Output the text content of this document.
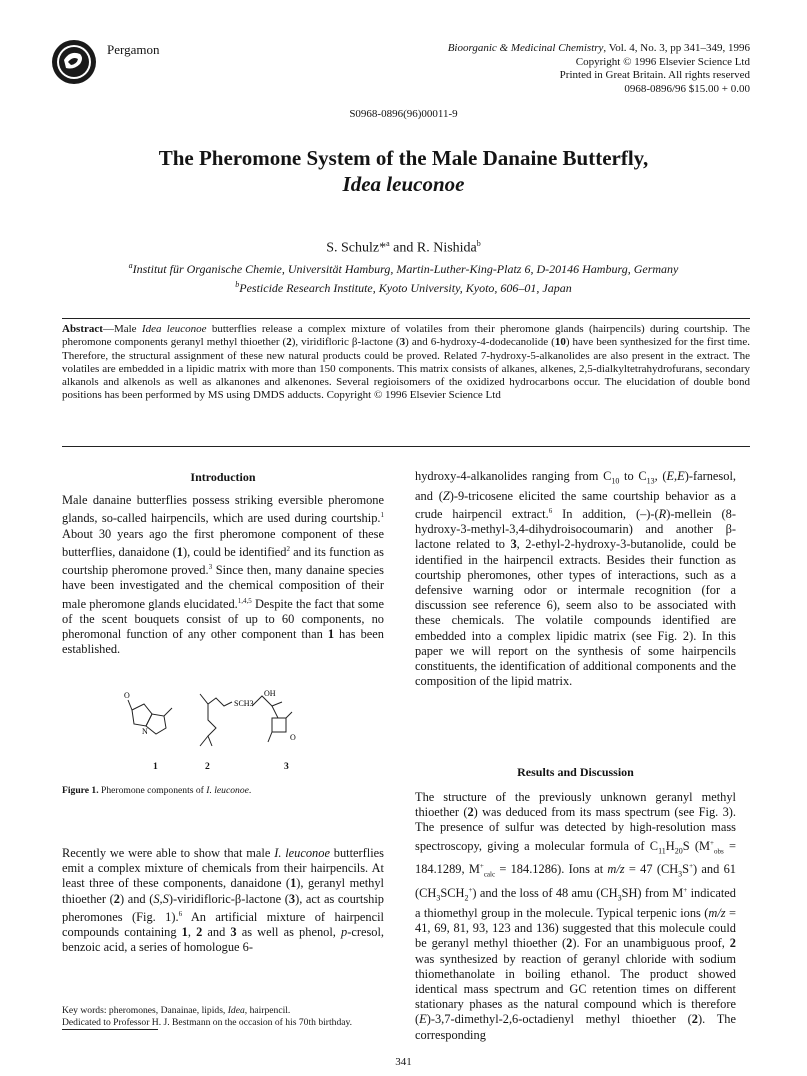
Pergamon	Bioorganic & Medicinal Chemistry, Vol. 4, No. 3, pp 341–349, 1996
Copyright © 1996 Elsevier Science Ltd
Printed in Great Britain. All rights reserved
0968-0896/96 $15.00 + 0.00
S0968-0896(96)00011-9
The Pheromone System of the Male Danaine Butterfly,
Idea leuconoe
S. Schulz*$^a$ and R. Nishida$^b$
$^a$Institut für Organische Chemie, Universität Hamburg, Martin-Luther-King-Platz 6, D-20146 Hamburg, Germany
$^b$Pesticide Research Institute, Kyoto University, Kyoto, 606–01, Japan
Abstract—Male Idea leuconoe butterflies release a complex mixture of volatiles from their pheromone glands (hairpencils) during courtship. The pheromone components geranyl methyl thioether (2), viridifloric β-lactone (3) and 6-hydroxy-4-dodecanolide (10) have been synthesized for the first time. Therefore, the structural assignment of these new natural products could be proved. Related 7-hydroxy-5-alkanolides are also present in the extract. The volatiles are embedded in a lipidic matrix with more than 150 components. This matrix consists of alkanes, alkenes, 2,5-dialkyltetrahydrofurans, secondary alkanols and alkenols as well as alkanones and alkenones. Several regioisomers of the oxidized hydrocarbons occur. The elucidation of double bond positions has been performed by MS using DMDS adducts. Copyright © 1996 Elsevier Science Ltd
Introduction

Male danaine butterflies possess striking eversible pheromone glands, so-called hairpencils, which are used during courtship.$^1$ About 30 years ago the first pheromone component of these butterflies, danaidone (1), could be identified$^2$ and its function as courtship pheromone proved.$^3$ Since then, many danaine species have been investigated and the chemical composition of their male pheromone glands elucidated.$^{1,4,5}$ Despite the fact that some of the scent bouquets consist of up to 60 components, no pheromonal function of any other component than 1 has been established.

O
N
SCH3
OH
O
1	2	3
Figure 1. Pheromone components of I. leuconoe.

Recently we were able to show that male I. leuconoe butterflies emit a complex mixture of chemicals from their hairpencils. At least three of these components, danaidone (1), geranyl methyl thioether (2) and (S,S)-viridifloric-β-lactone (3), act as courtship pheromones (Fig. 1).$^6$ An artificial mixture of hairpencil compounds containing 1, 2 and 3 as well as phenol, p-cresol, benzoic acid, a series of homologue 6-

Key words: pheromones, Danainae, lipids, Idea, hairpencil.
Dedicated to Professor H. J. Bestmann on the occasion of his 70th birthday.

hydroxy-4-alkanolides ranging from $C_{10}$ to $C_{13}$, (E,E)-farnesol, and (Z)-9-tricosene elicited the same courtship behavior as a crude hairpencil extract.$^6$ In addition, (–)-(R)-mellein (8-hydroxy-3-methyl-3,4-dihydroisocoumarin) and another β-lactone related to 3, 2-ethyl-2-hydroxy-3-butanolide, could be identified in the hairpencil extracts. Besides their function as courtship pheromones, other types of interactions, such as a defensive warning odor or intermale recognition (for a discussion see reference 6), seem also to be associated with these chemicals. The volatile compounds identified are embedded into a complex lipidic matrix (see Fig. 2). In this paper we will report on the synthesis of some hairpencils constituents, the identification of additional components and the composition of the lipid matrix.

Results and Discussion

The structure of the previously unknown geranyl methyl thioether (2) was deduced from its mass spectrum (see Fig. 3). The presence of sulfur was detected by high-resolution mass spectroscopy, giving a molecular formula of $C_{11}H_{20}S$ ($M^+_{obs} = 184.1289$, $M^+_{calc} = 184.1286$). Ions at m/z = 47 $(CH_3S^+)$ and 61 $(CH_3SCH_2^+)$ and the loss of 48 amu $(CH_3SH)$ from M+ indicated a thiomethyl group in the molecule. Typical terpenic ions (m/z = 41, 69, 81, 93, 123 and 136) suggested that this molecule could be geranyl methyl thioether (2). For an unambiguous proof, 2 was synthesized by reaction of geranyl chloride with sodium thiomethanolate in boiling ethanol. The product showed identical mass spectrum and GC retention times on different stationary phases as the natural compound which is therefore (E)-3,7-dimethyl-2,6-octadienyl methyl thioether (2). The corresponding

341
